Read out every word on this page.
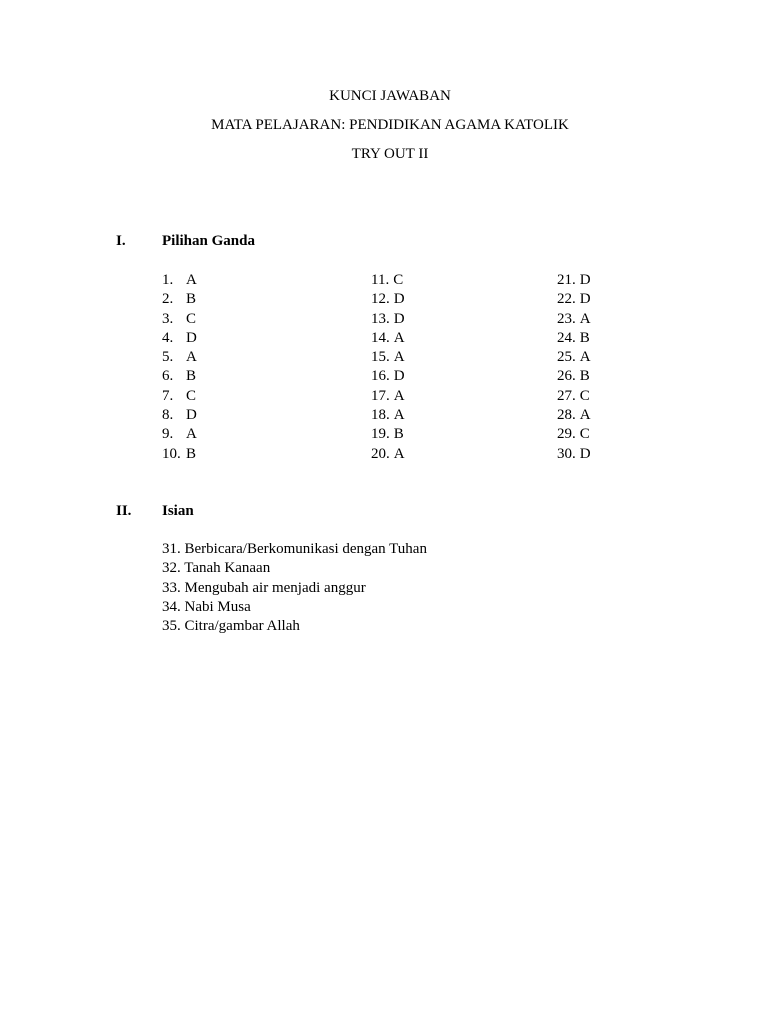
KUNCI JAWABAN
MATA PELAJARAN: PENDIDIKAN AGAMA KATOLIK
TRY OUT II
I. Pilihan Ganda
1. A
2. B
3. C
4. D
5. A
6. B
7. C
8. D
9. A
10. B
11. C
12. D
13. D
14. A
15. A
16. D
17. A
18. A
19. B
20. A
21. D
22. D
23. A
24. B
25. A
26. B
27. C
28. A
29. C
30. D
II. Isian
31. Berbicara/Berkomunikasi dengan Tuhan
32. Tanah Kanaan
33. Mengubah air menjadi anggur
34. Nabi Musa
35. Citra/gambar Allah
